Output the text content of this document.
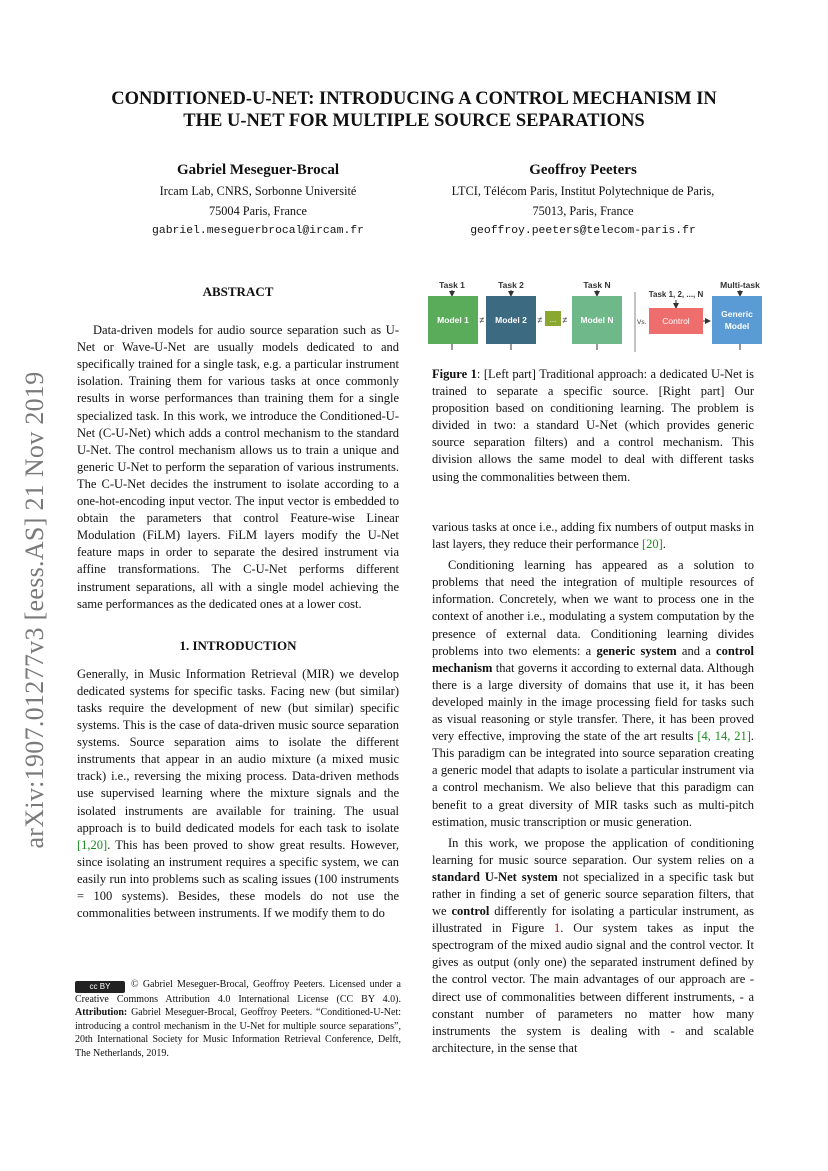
CONDITIONED-U-NET: INTRODUCING A CONTROL MECHANISM IN
THE U-NET FOR MULTIPLE SOURCE SEPARATIONS
Gabriel Meseguer-Brocal
Ircam Lab, CNRS, Sorbonne Université
75004 Paris, France
gabriel.meseguerbrocal@ircam.fr
Geoffroy Peeters
LTCI, Télécom Paris, Institut Polytechnique de Paris,
75013, Paris, France
geoffroy.peeters@telecom-paris.fr
arXiv:1907.01277v3 [eess.AS] 21 Nov 2019
ABSTRACT

Data-driven models for audio source separation such as U-Net or Wave-U-Net are usually models dedicated to and specifically trained for a single task, e.g. a particular instrument isolation. Training them for various tasks at once commonly results in worse performances than training them for a single specialized task. In this work, we introduce the Conditioned-U-Net (C-U-Net) which adds a control mechanism to the standard U-Net. The control mechanism allows us to train a unique and generic U-Net to perform the separation of various instruments. The C-U-Net decides the instrument to isolate according to a one-hot-encoding input vector. The input vector is embedded to obtain the parameters that control Feature-wise Linear Modulation (FiLM) layers. FiLM layers modify the U-Net feature maps in order to separate the desired instrument via affine transformations. The C-U-Net performs different instrument separations, all with a single model achieving the same performances as the dedicated ones at a lower cost.

1. INTRODUCTION

Generally, in Music Information Retrieval (MIR) we develop dedicated systems for specific tasks. Facing new (but similar) tasks require the development of new (but similar) specific systems. This is the case of data-driven music source separation systems. Source separation aims to isolate the different instruments that appear in an audio mixture (a mixed music track) i.e., reversing the mixing process. Data-driven methods use supervised learning where the mixture signals and the isolated instruments are available for training. The usual approach is to build dedicated models for each task to isolate [1,20]. This has been proved to show great results. However, since isolating an instrument requires a specific system, we can easily run into problems such as scaling issues (100 instruments = 100 systems). Besides, these models do not use the commonalities between instruments. If we modify them to do

cc BY © Gabriel Meseguer-Brocal, Geoffroy Peeters. Licensed under a Creative Commons Attribution 4.0 International License (CC BY 4.0). Attribution: Gabriel Meseguer-Brocal, Geoffroy Peeters. “Conditioned-U-Net: introducing a control mechanism in the U-Net for multiple source separations”, 20th International Society for Music Information Retrieval Conference, Delft, The Netherlands, 2019.
Task 1	Task 2	Task N
Model 1 ≠ Model 2 ≠ ... ≠ Model N	Vs.
Task 1, 2, ..., N
Control
Multi-task
Generic
Model
Figure 1: [Left part] Traditional approach: a dedicated U-Net is trained to separate a specific source. [Right part] Our proposition based on conditioning learning. The problem is divided in two: a standard U-Net (which provides generic source separation filters) and a control mechanism. This division allows the same model to deal with different tasks using the commonalities between them.

various tasks at once i.e., adding fix numbers of output masks in last layers, they reduce their performance [20].

Conditioning learning has appeared as a solution to problems that need the integration of multiple resources of information. Concretely, when we want to process one in the context of another i.e., modulating a system computation by the presence of external data. Conditioning learning divides problems into two elements: a generic system and a control mechanism that governs it according to external data. Although there is a large diversity of domains that use it, it has been developed mainly in the image processing field for tasks such as visual reasoning or style transfer. There, it has been proved very effective, improving the state of the art results [4, 14, 21]. This paradigm can be integrated into source separation creating a generic model that adapts to isolate a particular instrument via a control mechanism. We also believe that this paradigm can benefit to a great diversity of MIR tasks such as multi-pitch estimation, music transcription or music generation.

In this work, we propose the application of conditioning learning for music source separation. Our system relies on a standard U-Net system not specialized in a specific task but rather in finding a set of generic source separation filters, that we control differently for isolating a particular instrument, as illustrated in Figure 1. Our system takes as input the spectrogram of the mixed audio signal and the control vector. It gives as output (only one) the separated instrument defined by the control vector. The main advantages of our approach are - direct use of commonalities between different instruments, - a constant number of parameters no matter how many instruments the system is dealing with - and scalable architecture, in the sense that
